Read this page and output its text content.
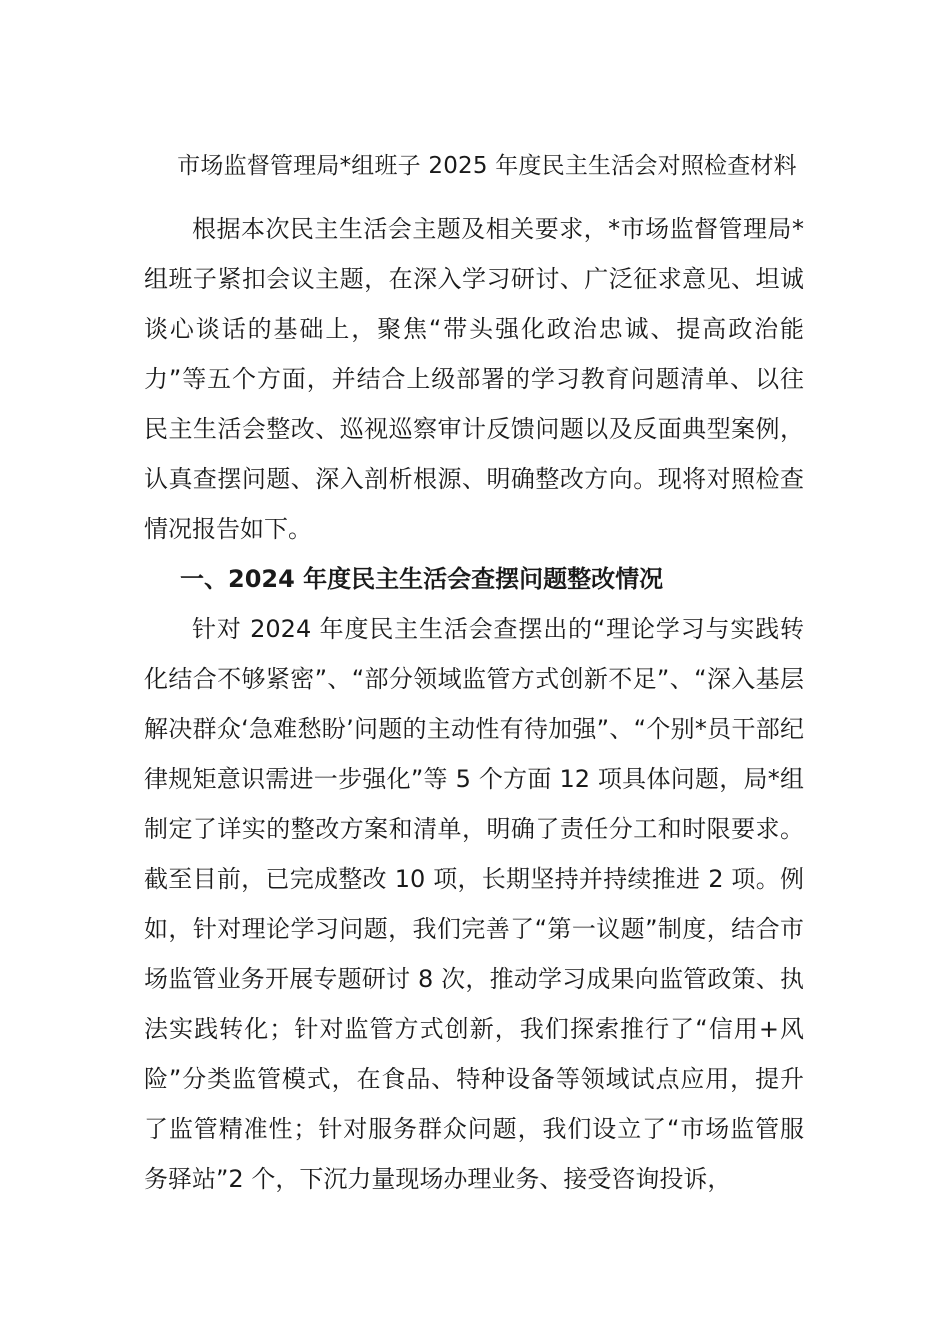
市场监督管理局*组班子 2025 年度民主生活会对照检查材料

根据本次民主生活会主题及相关要求，*市场监督管理局*组班子紧扣会议主题，在深入学习研讨、广泛征求意见、坦诚谈心谈话的基础上，聚焦“带头强化政治忠诚、提高政治能力”等五个方面，并结合上级部署的学习教育问题清单、以往民主生活会整改、巡视巡察审计反馈问题以及反面典型案例，认真查摆问题、深入剖析根源、明确整改方向。现将对照检查情况报告如下。

一、2024 年度民主生活会查摆问题整改情况

针对 2024 年度民主生活会查摆出的“理论学习与实践转化结合不够紧密”、“部分领域监管方式创新不足”、“深入基层解决群众‘急难愁盼’问题的主动性有待加强”、“个别*员干部纪律规矩意识需进一步强化”等 5 个方面 12 项具体问题，局*组制定了详实的整改方案和清单，明确了责任分工和时限要求。截至目前，已完成整改 10 项，长期坚持并持续推进 2 项。例如，针对理论学习问题，我们完善了“第一议题”制度，结合市场监管业务开展专题研讨 8 次，推动学习成果向监管政策、执法实践转化；针对监管方式创新，我们探索推行了“信用+风险”分类监管模式，在食品、特种设备等领域试点应用，提升了监管精准性；针对服务群众问题，我们设立了“市场监管服务驿站”2 个，下沉力量现场办理业务、接受咨询投诉，
